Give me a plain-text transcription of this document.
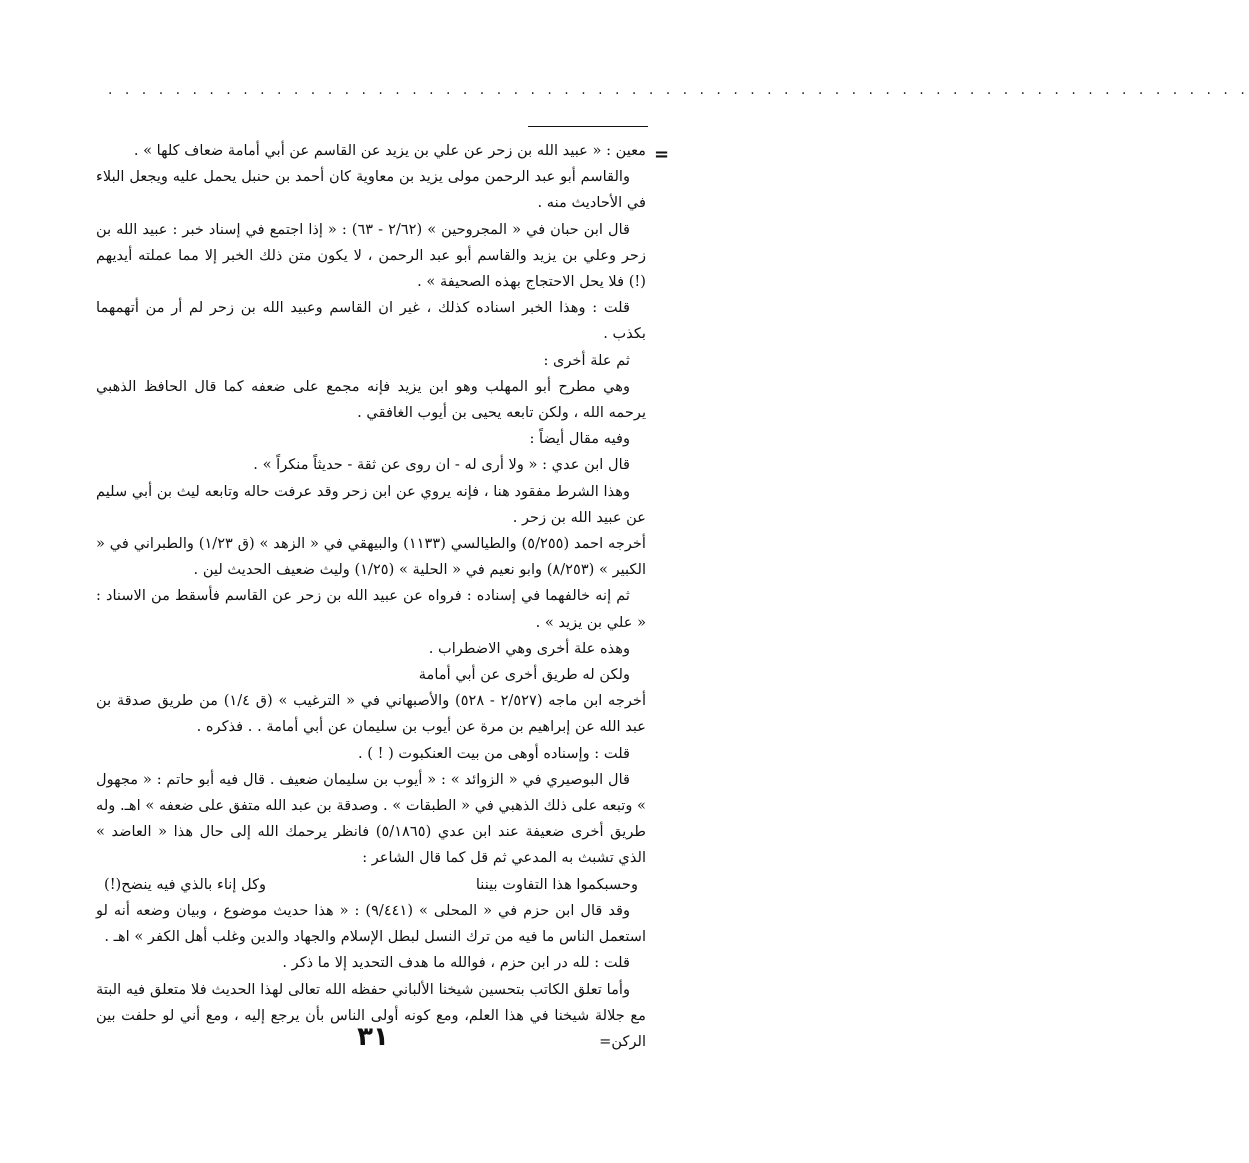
· · · · · · · · · · · · · · · · · · · · · · · · · · · · · · · · · · · · · · · · · · · · · · · · · · · · · · · · · · · · · · · · · · · ·
=

معين : « عبيد الله بن زحر عن علي بن يزيد عن القاسم عن أبي أمامة ضعاف كلها » .

والقاسم أبو عبد الرحمن مولى يزيد بن معاوية كان أحمد بن حنبل يحمل عليه ويجعل البلاء في الأحاديث منه .

قال ابن حبان في « المجروحين » (٢/٦٢ - ٦٣) : « إذا اجتمع في إسناد خبر : عبيد الله بن زحر وعلي بن يزيد والقاسم أبو عبد الرحمن ، لا يكون متن ذلك الخبر إلا مما عملته أيديهم (!) فلا يحل الاحتجاج بهذه الصحيفة » .

قلت : وهذا الخبر اسناده كذلك ، غير ان القاسم وعبيد الله بن زحر لم أر من أتهمهما بكذب .

ثم علة أخرى :

وهي مطرح أبو المهلب وهو ابن يزيد فإنه مجمع على ضعفه كما قال الحافظ الذهبي يرحمه الله ، ولكن تابعه يحيى بن أيوب الغافقي .

وفيه مقال أيضاً :

قال ابن عدي : « ولا أرى له - ان روى عن ثقة - حديثاً منكراً » .

وهذا الشرط مفقود هنا ، فإنه يروي عن ابن زحر وقد عرفت حاله وتابعه ليث بن أبي سليم عن عبيد الله بن زحر .

أخرجه احمد (٥/٢٥٥) والطيالسي (١١٣٣) والبيهقي في « الزهد » (ق ١/٢٣) والطبراني في « الكبير » (٨/٢٥٣) وابو نعيم في « الحلية » (١/٢٥) وليث ضعيف الحديث لين .

ثم إنه خالفهما في إسناده : فرواه عن عبيد الله بن زحر عن القاسم فأسقط من الاسناد : « علي بن يزيد » .

وهذه علة أخرى وهي الاضطراب .

ولكن له طريق أخرى عن أبي أمامة

أخرجه ابن ماجه (٢/٥٢٧ - ٥٢٨) والأصبهاني في « الترغيب » (ق ١/٤) من طريق صدقة بن عبد الله عن إبراهيم بن مرة عن أيوب بن سليمان عن أبي أمامة . . فذكره .

قلت : وإسناده أوهى من بيت العنكبوت ( ! ) .

قال البوصيري في « الزوائد » : « أيوب بن سليمان ضعيف . قال فيه أبو حاتم : « مجهول » وتبعه على ذلك الذهبي في « الطبقات » . وصدقة بن عبد الله متفق على ضعفه » اهـ. وله طريق أخرى ضعيفة عند ابن عدي (٥/١٨٦٥) فانظر يرحمك الله إلى حال هذا « العاضد » الذي تشبث به المدعي ثم قل كما قال الشاعر :

وحسبكموا هذا التفاوت بيننا
وكل إناء بالذي فيه ينضح(!)

وقد قال ابن حزم في « المحلى » (٩/٤٤١) : « هذا حديث موضوع ، وبيان وضعه أنه لو استعمل الناس ما فيه من ترك النسل لبطل الإسلام والجهاد والدين وغلب أهل الكفر » اهـ .

قلت : لله در ابن حزم ، فوالله ما هدف التحديد إلا ما ذكر .

وأما تعلق الكاتب بتحسين شيخنا الألباني حفظه الله تعالى لهذا الحديث فلا متعلق فيه البتة مع جلالة شيخنا في هذا العلم، ومع كونه أولى الناس بأن يرجع إليه ، ومع أني لو حلفت بين الركن=

٣١
